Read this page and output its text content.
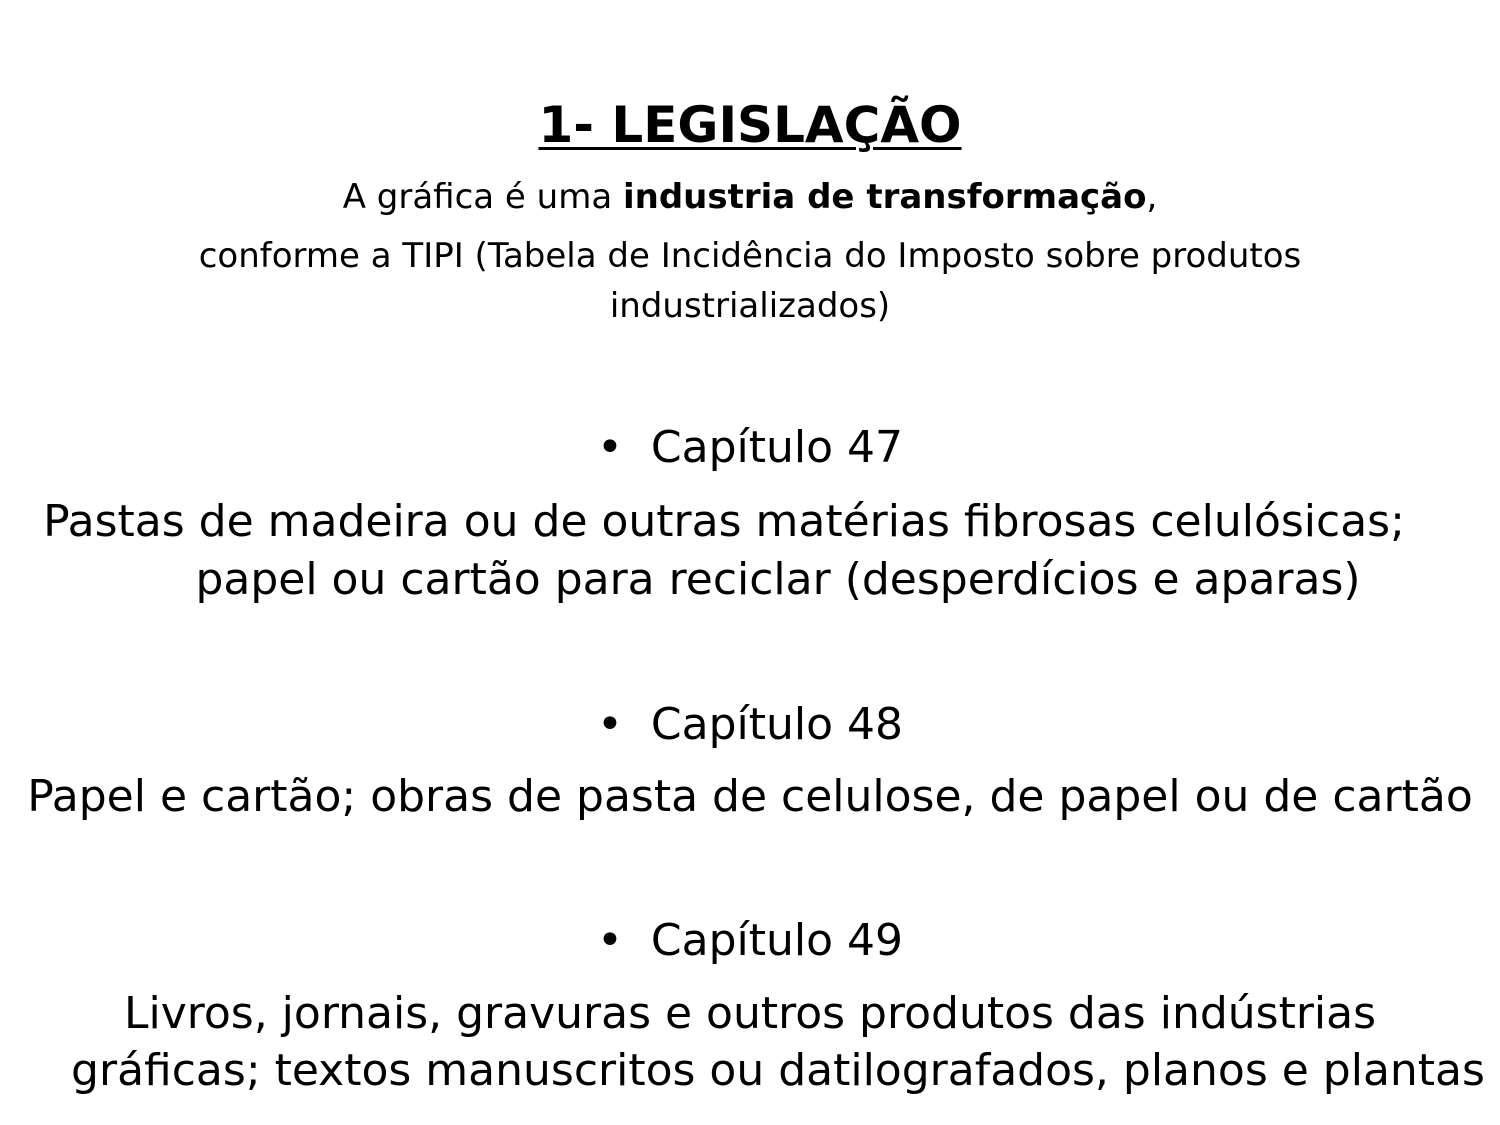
1- LEGISLAÇÃO
A gráfica é uma industria de transformação,
conforme a TIPI (Tabela de Incidência do Imposto sobre produtos
industrializados)
• Capítulo 47
Pastas de madeira ou de outras matérias fibrosas celulósicas;
papel ou cartão para reciclar (desperdícios e aparas)
• Capítulo 48
Papel e cartão; obras de pasta de celulose, de papel ou de cartão
• Capítulo 49
Livros, jornais, gravuras e outros produtos das indústrias
gráficas; textos manuscritos ou datilografados, planos e plantas
